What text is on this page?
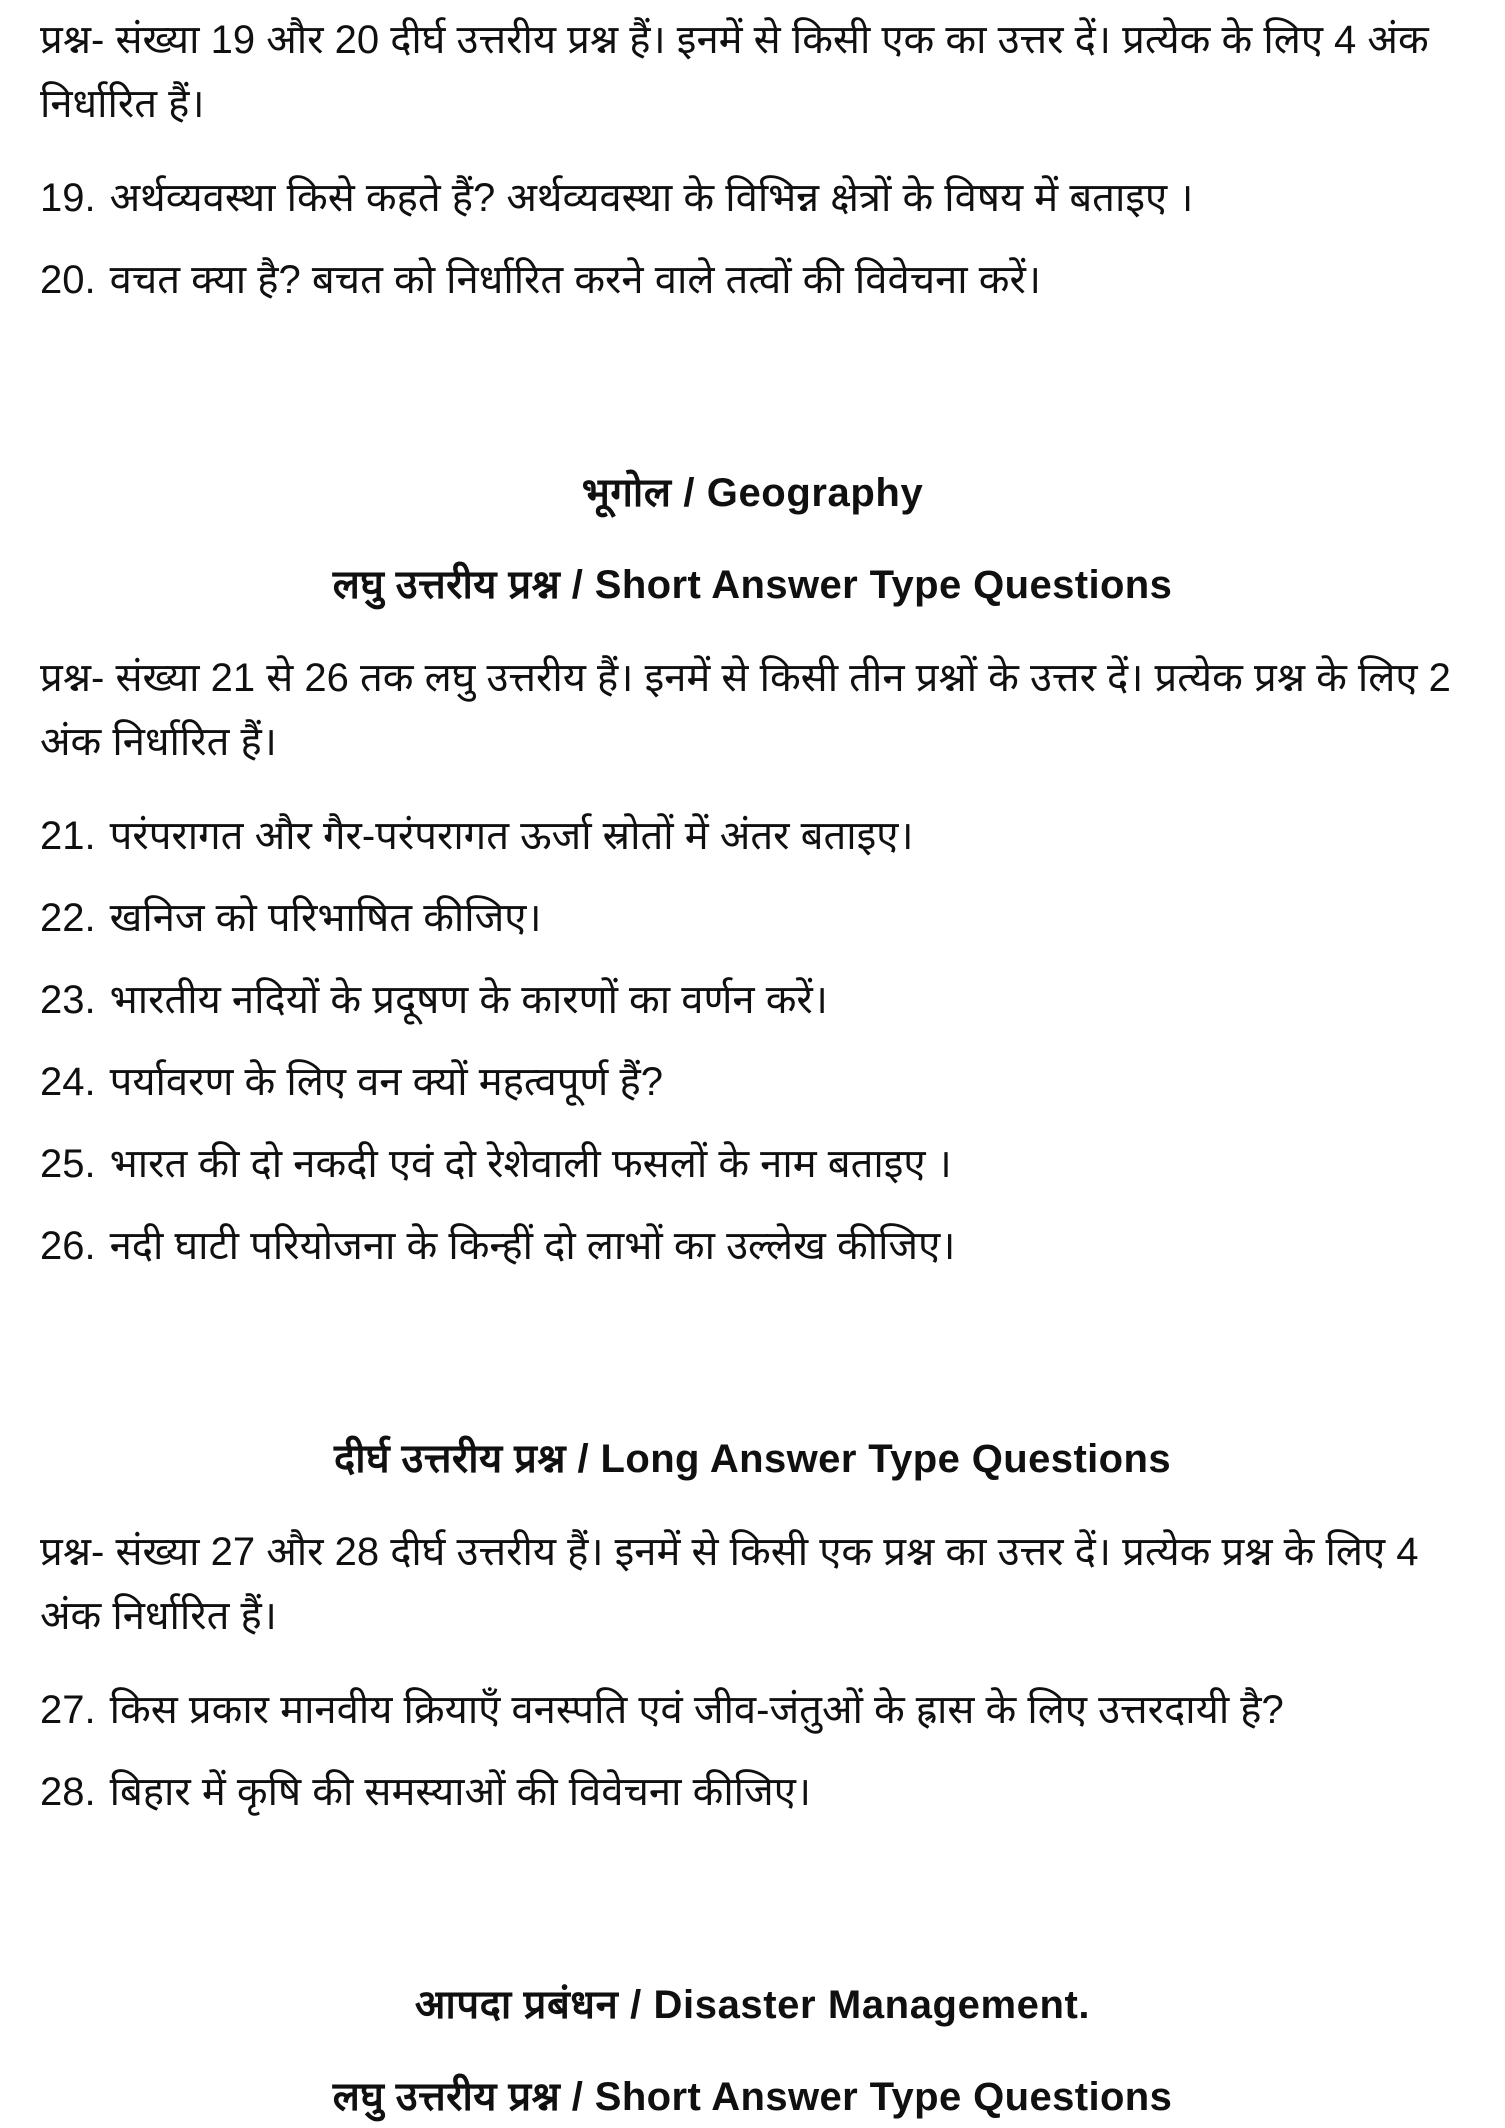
प्रश्न- संख्या 19 और 20 दीर्घ उत्तरीय प्रश्न हैं। इनमें से किसी एक का उत्तर दें। प्रत्येक के लिए 4 अंक निर्धारित हैं।

19. अर्थव्यवस्था किसे कहते हैं? अर्थव्यवस्था के विभिन्न क्षेत्रों के विषय में बताइए ।
20. वचत क्या है? बचत को निर्धारित करने वाले तत्वों की विवेचना करें।
भूगोल / Geography
लघु उत्तरीय प्रश्न / Short Answer Type Questions

प्रश्न- संख्या 21 से 26 तक लघु उत्तरीय हैं। इनमें से किसी तीन प्रश्नों के उत्तर दें। प्रत्येक प्रश्न के लिए 2 अंक निर्धारित हैं।

21. परंपरागत और गैर-परंपरागत ऊर्जा स्रोतों में अंतर बताइए।
22. खनिज को परिभाषित कीजिए।
23. भारतीय नदियों के प्रदूषण के कारणों का वर्णन करें।
24. पर्यावरण के लिए वन क्यों महत्वपूर्ण हैं?
25. भारत की दो नकदी एवं दो रेशेवाली फसलों के नाम बताइए ।
26. नदी घाटी परियोजना के किन्हीं दो लाभों का उल्लेख कीजिए।
दीर्घ उत्तरीय प्रश्न / Long Answer Type Questions

प्रश्न- संख्या 27 और 28 दीर्घ उत्तरीय हैं। इनमें से किसी एक प्रश्न का उत्तर दें। प्रत्येक प्रश्न के लिए 4 अंक निर्धारित हैं।

27. किस प्रकार मानवीय क्रियाएँ वनस्पति एवं जीव-जंतुओं के ह्रास के लिए उत्तरदायी है?
28. बिहार में कृषि की समस्याओं की विवेचना कीजिए।
आपदा प्रबंधन / Disaster Management.
लघु उत्तरीय प्रश्न / Short Answer Type Questions
